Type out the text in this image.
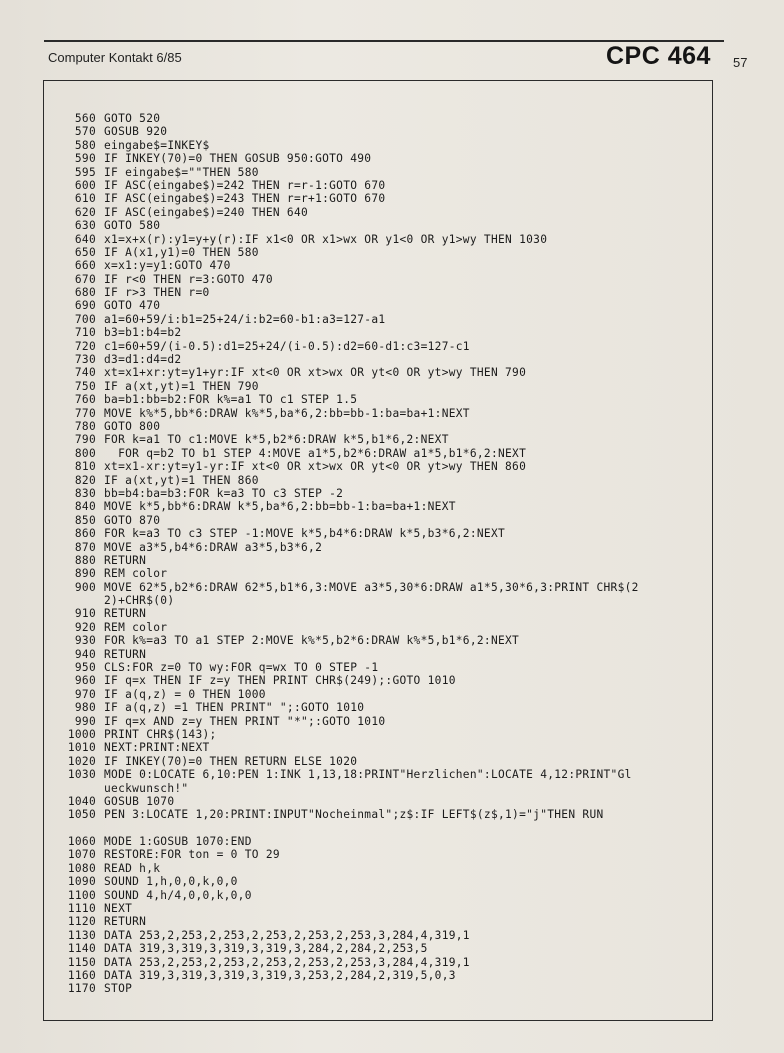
Computer Kontakt 6/85	CPC 464 57
560 GOTO 520
570 GOSUB 920
580 eingabe$=INKEY$
590 IF INKEY(70)=0 THEN GOSUB 950:GOTO 490
595 IF eingabe$=""THEN 580
600 IF ASC(eingabe$)=242 THEN r=r-1:GOTO 670
610 IF ASC(eingabe$)=243 THEN r=r+1:GOTO 670
620 IF ASC(eingabe$)=240 THEN 640
630 GOTO 580
640 x1=x+x(r):y1=y+y(r):IF x1<0 OR x1>wx OR y1<0 OR y1>wy THEN 1030
650 IF A(x1,y1)=0 THEN 580
660 x=x1:y=y1:GOTO 470
670 IF r<0 THEN r=3:GOTO 470
680 IF r>3 THEN r=0
690 GOTO 470
700 a1=60+59/i:b1=25+24/i:b2=60-b1:a3=127-a1
710 b3=b1:b4=b2
720 c1=60+59/(i-0.5):d1=25+24/(i-0.5):d2=60-d1:c3=127-c1
730 d3=d1:d4=d2
740 xt=x1+xr:yt=y1+yr:IF xt<0 OR xt>wx OR yt<0 OR yt>wy THEN 790
750 IF a(xt,yt)=1 THEN 790
760 ba=b1:bb=b2:FOR k%=a1 TO c1 STEP 1.5
770 MOVE k%*5,bb*6:DRAW k%*5,ba*6,2:bb=bb-1:ba=ba+1:NEXT
780 GOTO 800
790 FOR k=a1 TO c1:MOVE k*5,b2*6:DRAW k*5,b1*6,2:NEXT
800  FOR q=b2 TO b1 STEP 4:MOVE a1*5,b2*6:DRAW a1*5,b1*6,2:NEXT
810 xt=x1-xr:yt=y1-yr:IF xt<0 OR xt>wx OR yt<0 OR yt>wy THEN 860
820 IF a(xt,yt)=1 THEN 860
830 bb=b4:ba=b3:FOR k=a3 TO c3 STEP -2
840 MOVE k*5,bb*6:DRAW k*5,ba*6,2:bb=bb-1:ba=ba+1:NEXT
850 GOTO 870
860 FOR k=a3 TO c3 STEP -1:MOVE k*5,b4*6:DRAW k*5,b3*6,2:NEXT
870 MOVE a3*5,b4*6:DRAW a3*5,b3*6,2
880 RETURN
890 REM color
900 MOVE 62*5,b2*6:DRAW 62*5,b1*6,3:MOVE a3*5,30*6:DRAW a1*5,30*6,3:PRINT CHR$(2
2)+CHR$(0)
910 RETURN
920 REM color
930 FOR k%=a3 TO a1 STEP 2:MOVE k%*5,b2*6:DRAW k%*5,b1*6,2:NEXT
940 RETURN
950 CLS:FOR z=0 TO wy:FOR q=wx TO 0 STEP -1
960 IF q=x THEN IF z=y THEN PRINT CHR$(249);:GOTO 1010
970 IF a(q,z) = 0 THEN 1000
980 IF a(q,z) =1 THEN PRINT" ";:GOTO 1010
990 IF q=x AND z=y THEN PRINT "*";:GOTO 1010
1000 PRINT CHR$(143);
1010 NEXT:PRINT:NEXT
1020 IF INKEY(70)=0 THEN RETURN ELSE 1020
1030 MODE 0:LOCATE 6,10:PEN 1:INK 1,13,18:PRINT"Herzlichen":LOCATE 4,12:PRINT"Gl
ueckwunsch!"
1040 GOSUB 1070
1050 PEN 3:LOCATE 1,20:PRINT:INPUT"Nocheinmal";z$:IF LEFT$(z$,1)="j"THEN RUN
1060 MODE 1:GOSUB 1070:END
1070 RESTORE:FOR ton = 0 TO 29
1080 READ h,k
1090 SOUND 1,h,0,0,k,0,0
1100 SOUND 4,h/4,0,0,k,0,0
1110 NEXT
1120 RETURN
1130 DATA 253,2,253,2,253,2,253,2,253,2,253,3,284,4,319,1
1140 DATA 319,3,319,3,319,3,319,3,284,2,284,2,253,5
1150 DATA 253,2,253,2,253,2,253,2,253,2,253,3,284,4,319,1
1160 DATA 319,3,319,3,319,3,319,3,253,2,284,2,319,5,0,3
1170 STOP
